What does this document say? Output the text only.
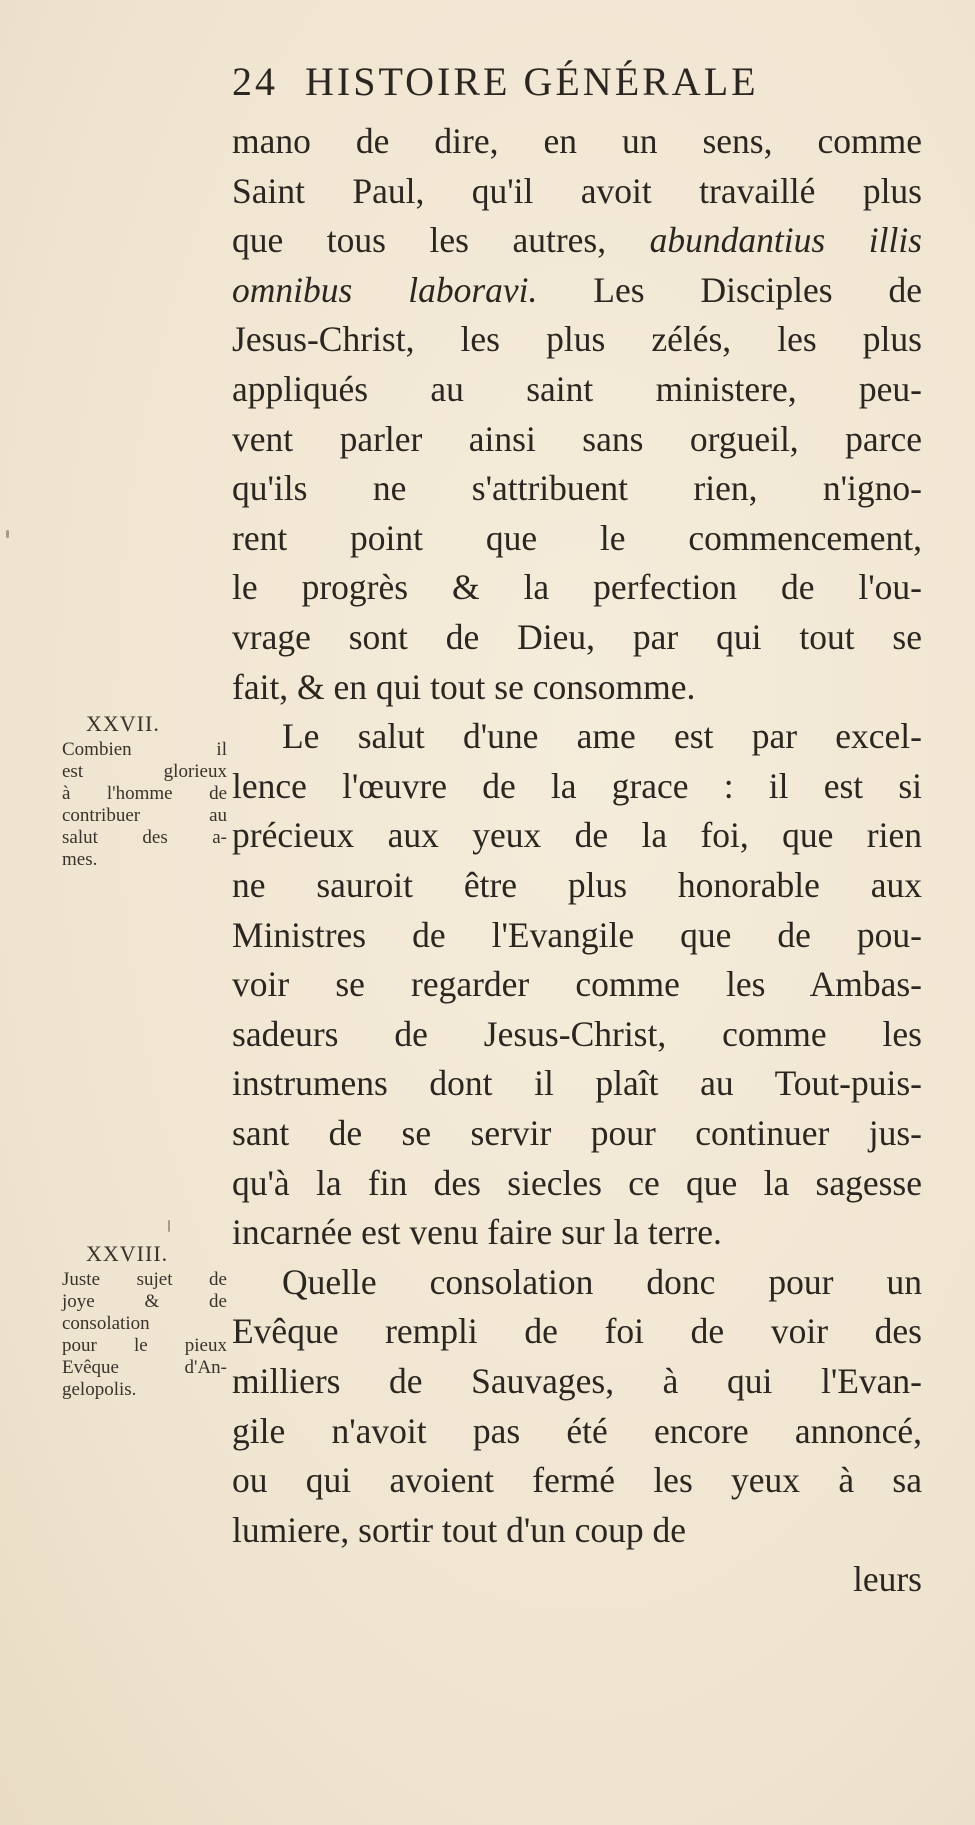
24 HISTOIRE GÉNÉRALE
mano de dire, en un sens, comme
Saint Paul, qu'il avoit travaillé plus
que tous les autres, abundantius illis
omnibus laboravi. Les Disciples de
Jesus-Christ, les plus zélés, les plus
appliqués au saint ministere, peu-
vent parler ainsi sans orgueil, parce
qu'ils ne s'attribuent rien, n'igno-
rent point que le commencement,
le progrès & la perfection de l'ou-
vrage sont de Dieu, par qui tout se
fait, & en qui tout se consomme.
Le salut d'une ame est par excel-
lence l'œuvre de la grace : il est si
précieux aux yeux de la foi, que rien
ne sauroit être plus honorable aux
Ministres de l'Evangile que de pou-
voir se regarder comme les Ambas-
sadeurs de Jesus-Christ, comme les
instrumens dont il plaît au Tout-puis-
sant de se servir pour continuer jus-
qu'à la fin des siecles ce que la sagesse
incarnée est venu faire sur la terre.
Quelle consolation donc pour un
Evêque rempli de foi de voir des
milliers de Sauvages, à qui l'Evan-
gile n'avoit pas été encore annoncé,
ou qui avoient fermé les yeux à sa
lumiere, sortir tout d'un coup de
leurs
XXVII.
Combien il
est glorieux
à l'homme de
contribuer au
salut des a-
mes.
XXVIII.
Juste sujet de
joye & de
consolation
pour le pieux
Evêque d'An-
gelopolis.
